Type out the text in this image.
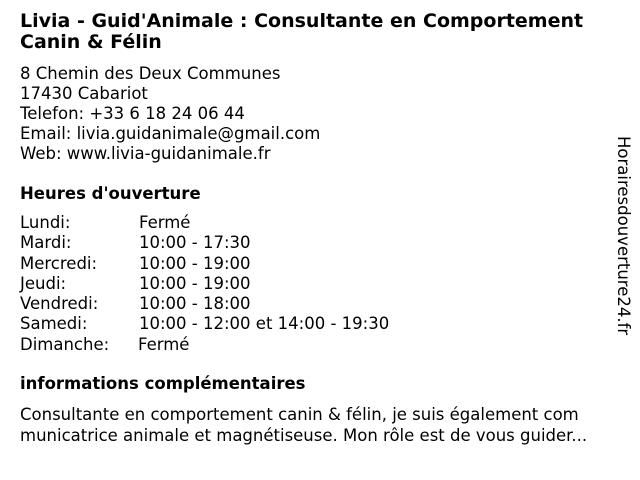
Livia - Guid'Animale : Consultante en Comportement Canin & Félin
8 Chemin des Deux Communes
17430 Cabariot
Telefon: +33 6 18 24 06 44
Email: livia.guidanimale@gmail.com
Web: www.livia-guidanimale.fr
Heures d'ouverture
Lundi:	Fermé
Mardi:	10:00 - 17:30
Mercredi:	10:00 - 19:00
Jeudi:	10:00 - 19:00
Vendredi: 10:00 - 18:00
Samedi:	10:00 - 12:00 et 14:00 - 19:30
Dimanche: Fermé
informations complémentaires

Consultante en comportement canin & félin, je suis également com municatrice animale et magnétiseuse. Mon rôle est de vous guider...

Horairesdouverture24.fr
